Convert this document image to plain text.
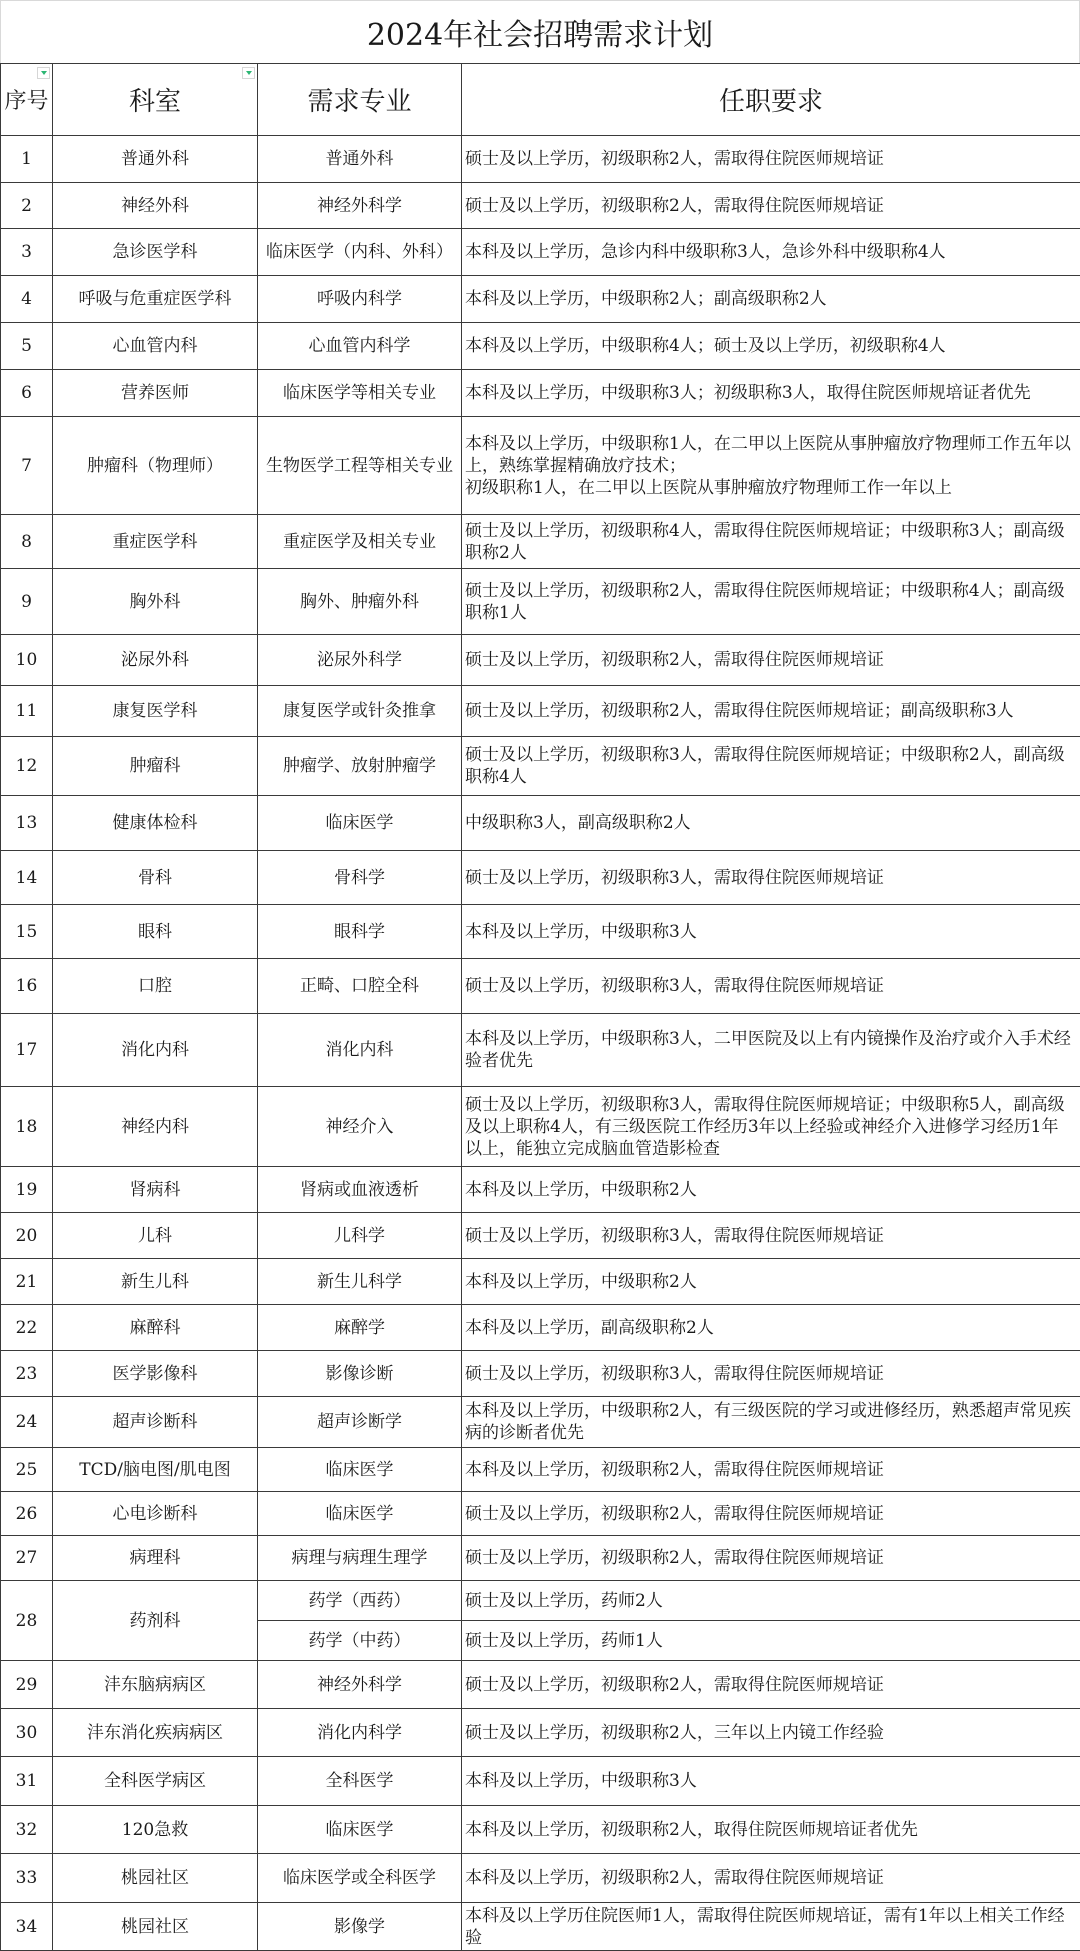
2024年社会招聘需求计划
序号	科室	需求专业	任职要求
1	普通外科	普通外科	硕士及以上学历，初级职称2人，需取得住院医师规培证
2	神经外科	神经外科学	硕士及以上学历，初级职称2人，需取得住院医师规培证
3	急诊医学科	临床医学（内科、外科）	本科及以上学历，急诊内科中级职称3人，急诊外科中级职称4人
4	呼吸与危重症医学科	呼吸内科学	本科及以上学历，中级职称2人；副高级职称2人
5	心血管内科	心血管内科学	本科及以上学历，中级职称4人；硕士及以上学历，初级职称4人
6	营养医师	临床医学等相关专业	本科及以上学历，中级职称3人；初级职称3人，取得住院医师规培证者优先
7	肿瘤科（物理师）	生物医学工程等相关专业	本科及以上学历，中级职称1人，在二甲以上医院从事肿瘤放疗物理师工作五年以上，熟练掌握精确放疗技术；
初级职称1人，在二甲以上医院从事肿瘤放疗物理师工作一年以上

8	重症医学科	重症医学及相关专业	硕士及以上学历，初级职称4人，需取得住院医师规培证；中级职称3人；副高级职称2人
9	胸外科	胸外、肿瘤外科	硕士及以上学历，初级职称2人，需取得住院医师规培证；中级职称4人；副高级职称1人
10	泌尿外科	泌尿外科学	硕士及以上学历，初级职称2人，需取得住院医师规培证
11	康复医学科	康复医学或针灸推拿	硕士及以上学历，初级职称2人，需取得住院医师规培证；副高级职称3人
12	肿瘤科	肿瘤学、放射肿瘤学	硕士及以上学历，初级职称3人，需取得住院医师规培证；中级职称2人，副高级职称4人
13	健康体检科	临床医学	中级职称3人，副高级职称2人
14	骨科	骨科学	硕士及以上学历，初级职称3人，需取得住院医师规培证
15	眼科	眼科学	本科及以上学历，中级职称3人
16	口腔	正畸、口腔全科	硕士及以上学历，初级职称3人，需取得住院医师规培证
17	消化内科	消化内科	本科及以上学历，中级职称3人，二甲医院及以上有内镜操作及治疗或介入手术经验者优先
18	神经内科	神经介入	硕士及以上学历，初级职称3人，需取得住院医师规培证；中级职称5人，副高级及以上职称4人，有三级医院工作经历3年以上经验或神经介入进修学习经历1年以上，能独立完成脑血管造影检查
19	肾病科	肾病或血液透析	本科及以上学历，中级职称2人
20	儿科	儿科学	硕士及以上学历，初级职称3人，需取得住院医师规培证
21	新生儿科	新生儿科学	本科及以上学历，中级职称2人
22	麻醉科	麻醉学	本科及以上学历，副高级职称2人
23	医学影像科	影像诊断	硕士及以上学历，初级职称3人，需取得住院医师规培证
24	超声诊断科	超声诊断学	本科及以上学历，中级职称2人，有三级医院的学习或进修经历，熟悉超声常见疾病的诊断者优先
25	TCD/脑电图/肌电图	临床医学	本科及以上学历，初级职称2人，需取得住院医师规培证
26	心电诊断科	临床医学	硕士及以上学历，初级职称2人，需取得住院医师规培证
27	病理科	病理与病理生理学	硕士及以上学历，初级职称2人，需取得住院医师规培证
28	药剂科	药学（西药）	硕士及以上学历，药师2人
		药学（中药）	硕士及以上学历，药师1人
29	沣东脑病病区	神经外科学	硕士及以上学历，初级职称2人，需取得住院医师规培证
30	沣东消化疾病病区	消化内科学	硕士及以上学历，初级职称2人，三年以上内镜工作经验
31	全科医学病区	全科医学	本科及以上学历，中级职称3人
32	120急救	临床医学	本科及以上学历，初级职称2人，取得住院医师规培证者优先
33	桃园社区	临床医学或全科医学	本科及以上学历，初级职称2人，需取得住院医师规培证
34	桃园社区	影像学	本科及以上学历住院医师1人，需取得住院医师规培证，需有1年以上相关工作经验
